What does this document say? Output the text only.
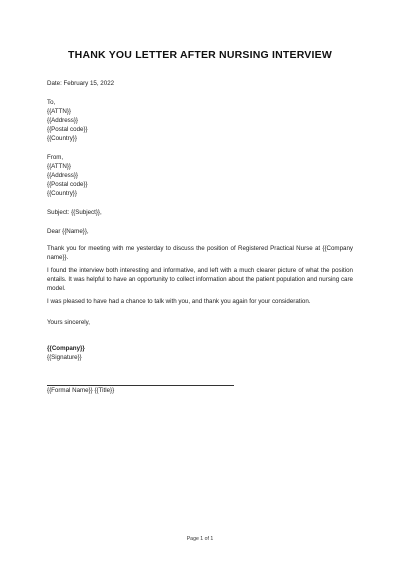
THANK YOU LETTER AFTER NURSING INTERVIEW
Date: February 15, 2022
To,
{{ATTN}}
{{Address}}
{{Postal code}}
{{Country}}
From,
{{ATTN}}
{{Address}}
{{Postal code}}
{{Country}}
Subject: {{Subject}},
Dear {{Name}},

Thank you for meeting with me yesterday to discuss the position of Registered Practical Nurse at {{Company name}}.

I found the interview both interesting and informative, and left with a much clearer picture of what the position entails. It was helpful to have an opportunity to collect information about the patient population and nursing care model.

I was pleased to have had a chance to talk with you, and thank you again for your consideration.

Yours sincerely,
{{Company}}
{{Signature}}
{{Formal Name}} {{Title}}
Page 1 of 1
